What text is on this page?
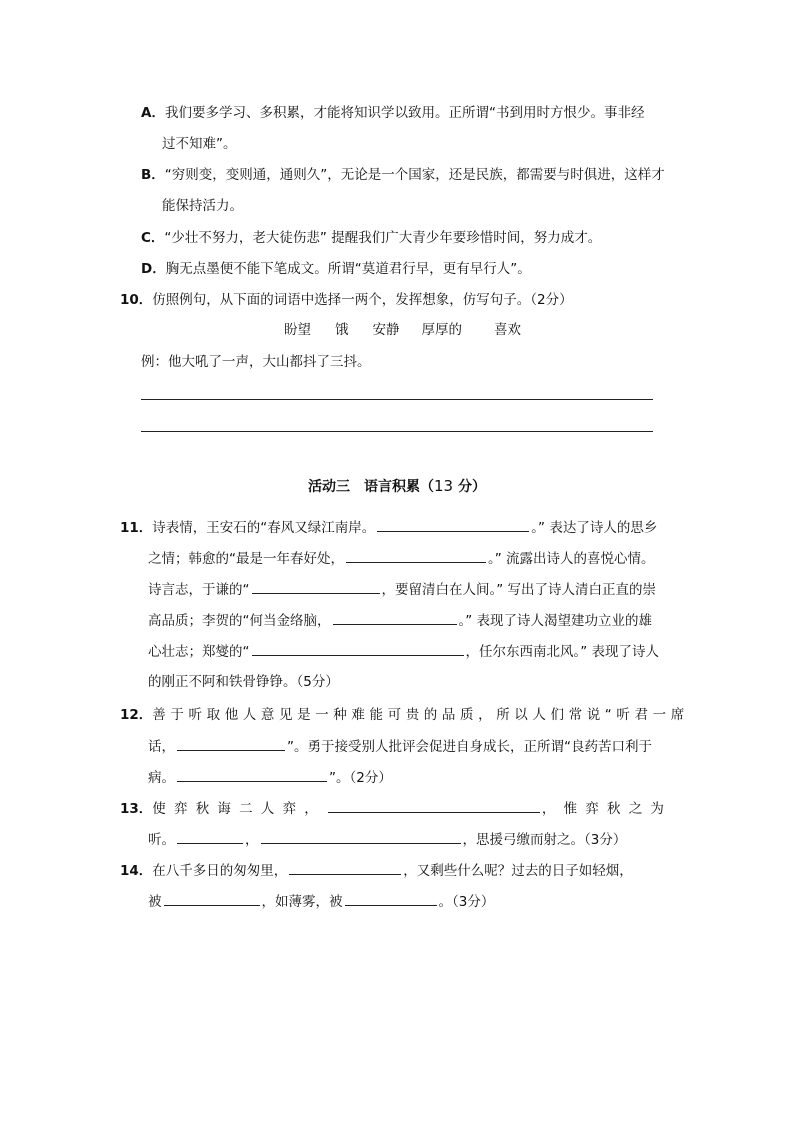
A．我们要多学习、多积累，才能将知识学以致用。正所谓“书到用时方恨少。事非经
过不知难”。
B．“穷则变，变则通，通则久”，无论是一个国家，还是民族，都需要与时俱进，这样才
能保持活力。
C．“少壮不努力，老大徒伤悲” 提醒我们广大青少年要珍惜时间，努力成才。
D．胸无点墨便不能下笔成文。所谓“莫道君行早，更有早行人”。
10．仿照例句，从下面的词语中选择一两个，发挥想象，仿写句子。（2分）
盼望 饿 安静 厚厚的 喜欢
例：他大吼了一声，大山都抖了三抖。
活动三　语言积累（13 分）
11．诗表情，王安石的“春风又绿江南岸。	。” 表达了诗人的思乡
之情；韩愈的“最是一年春好处，	。” 流露出诗人的喜悦心情。
诗言志，于谦的“	，要留清白在人间。” 写出了诗人清白正直的崇
高品质；李贺的“何当金络脑，	。” 表现了诗人渴望建功立业的雄
心壮志；郑燮的“	，任尔东西南北风。” 表现了诗人
的刚正不阿和铁骨铮铮。（5分）
12．善于听取他人意见是一种难能可贵的品质，所以人们常说“听君一席
话，	”。勇于接受别人批评会促进自身成长，正所谓“良药苦口利于
病。	”。（2分）
13．使弈秋诲二人弈，	，惟弈秋之为
听。	，	，思援弓缴而射之。（3分）
14．在八千多日的匆匆里，	，又剩些什么呢？过去的日子如轻烟，
被	，如薄雾，被	。（3分）
